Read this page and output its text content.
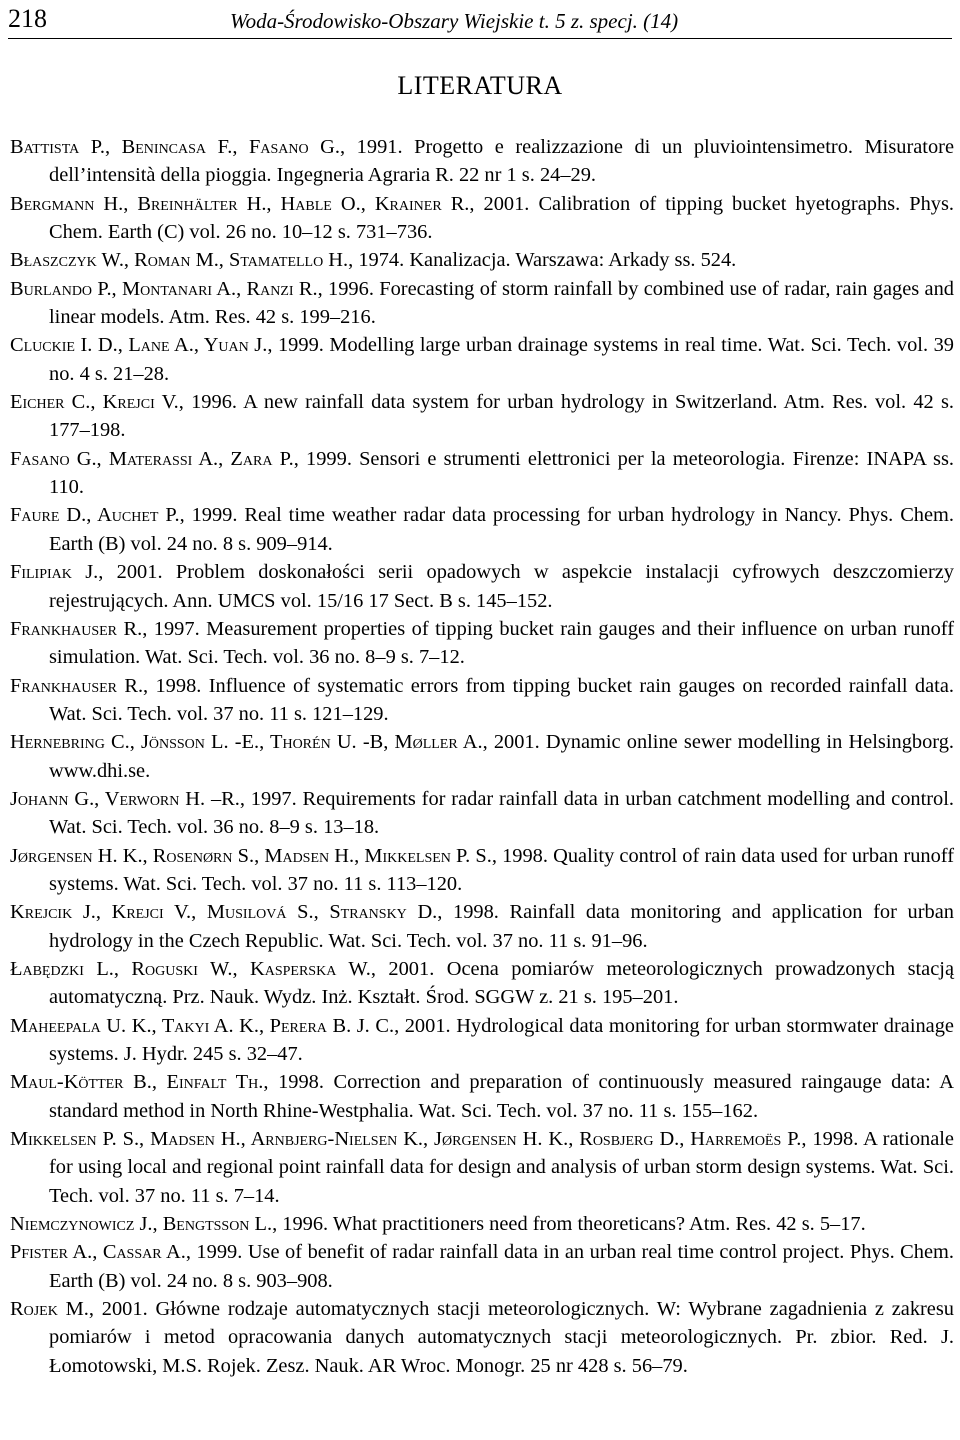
218	Woda-Środowisko-Obszary Wiejskie t. 5 z. specj. (14)
LITERATURA

Battista P., Benincasa F., Fasano G., 1991. Progetto e realizzazione di un pluviointensimetro. Misuratore dell’intensità della pioggia. Ingegneria Agraria R. 22 nr 1 s. 24–29.

Bergmann H., Breinhälter H., Hable O., Krainer R., 2001. Calibration of tipping bucket hyetographs. Phys. Chem. Earth (C) vol. 26 no. 10–12 s. 731–736.

Błaszczyk W., Roman M., Stamatello H., 1974. Kanalizacja. Warszawa: Arkady ss. 524.

Burlando P., Montanari A., Ranzi R., 1996. Forecasting of storm rainfall by combined use of radar, rain gages and linear models. Atm. Res. 42 s. 199–216.

Cluckie I. D., Lane A., Yuan J., 1999. Modelling large urban drainage systems in real time. Wat. Sci. Tech. vol. 39 no. 4 s. 21–28.

Eicher C., Krejci V., 1996. A new rainfall data system for urban hydrology in Switzerland. Atm. Res. vol. 42 s. 177–198.

Fasano G., Materassi A., Zara P., 1999. Sensori e strumenti elettronici per la meteorologia. Firenze: INAPA ss. 110.

Faure D., Auchet P., 1999. Real time weather radar data processing for urban hydrology in Nancy. Phys. Chem. Earth (B) vol. 24 no. 8 s. 909–914.

Filipiak J., 2001. Problem doskonałości serii opadowych w aspekcie instalacji cyfrowych deszczomierzy rejestrujących. Ann. UMCS vol. 15/16 17 Sect. B s. 145–152.

Frankhauser R., 1997. Measurement properties of tipping bucket rain gauges and their influence on urban runoff simulation. Wat. Sci. Tech. vol. 36 no. 8–9 s. 7–12.

Frankhauser R., 1998. Influence of systematic errors from tipping bucket rain gauges on recorded rainfall data. Wat. Sci. Tech. vol. 37 no. 11 s. 121–129.

Hernebring C., Jönsson L. -E., Thorén U. -B, Møller A., 2001. Dynamic online sewer modelling in Helsingborg. www.dhi.se.

Johann G., Verworn H. –R., 1997. Requirements for radar rainfall data in urban catchment modelling and control. Wat. Sci. Tech. vol. 36 no. 8–9 s. 13–18.

Jørgensen H. K., Rosenørn S., Madsen H., Mikkelsen P. S., 1998. Quality control of rain data used for urban runoff systems. Wat. Sci. Tech. vol. 37 no. 11 s. 113–120.

Krejcik J., Krejci V., Musilová S., Stransky D., 1998. Rainfall data monitoring and application for urban hydrology in the Czech Republic. Wat. Sci. Tech. vol. 37 no. 11 s. 91–96.

Łabędzki L., Roguski W., Kasperska W., 2001. Ocena pomiarów meteorologicznych prowadzonych stacją automatyczną. Prz. Nauk. Wydz. Inż. Kształt. Środ. SGGW z. 21 s. 195–201.

Maheepala U. K., Takyi A. K., Perera B. J. C., 2001. Hydrological data monitoring for urban stormwater drainage systems. J. Hydr. 245 s. 32–47.

Maul-Kötter B., Einfalt Th., 1998. Correction and preparation of continuously measured raingauge data: A standard method in North Rhine-Westphalia. Wat. Sci. Tech. vol. 37 no. 11 s. 155–162.

Mikkelsen P. S., Madsen H., Arnbjerg-Nielsen K., Jørgensen H. K., Rosbjerg D., Harremoës P., 1998. A rationale for using local and regional point rainfall data for design and analysis of urban storm design systems. Wat. Sci. Tech. vol. 37 no. 11 s. 7–14.

Niemczynowicz J., Bengtsson L., 1996. What practitioners need from theoreticans? Atm. Res. 42 s. 5–17.

Pfister A., Cassar A., 1999. Use of benefit of radar rainfall data in an urban real time control project. Phys. Chem. Earth (B) vol. 24 no. 8 s. 903–908.

Rojek M., 2001. Główne rodzaje automatycznych stacji meteorologicznych. W: Wybrane zagadnienia z zakresu pomiarów i metod opracowania danych automatycznych stacji meteorologicznych. Pr. zbior. Red. J. Łomotowski, M.S. Rojek. Zesz. Nauk. AR Wroc. Monogr. 25 nr 428 s. 56–79.
